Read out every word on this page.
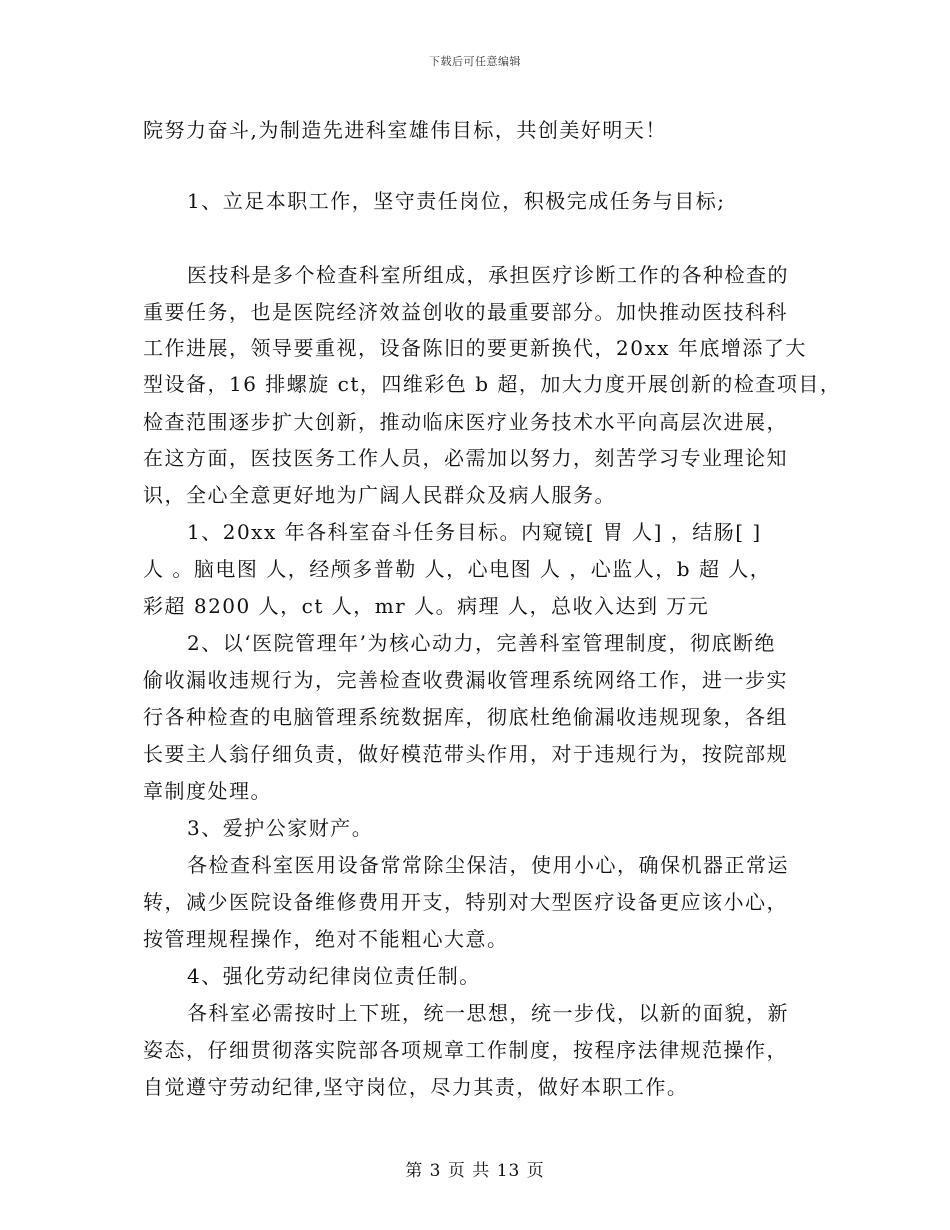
下载后可任意编辑
院努力奋斗,为制造先进科室雄伟目标，共创美好明天！
1、立足本职工作，坚守责任岗位，积极完成任务与目标;
医技科是多个检查科室所组成，承担医疗诊断工作的各种检查的
重要任务，也是医院经济效益创收的最重要部分。加快推动医技科科
工作进展，领导要重视，设备陈旧的要更新换代，20xx 年底增添了大
型设备，16 排螺旋 ct，四维彩色 b 超，加大力度开展创新的检查项目，
检查范围逐步扩大创新，推动临床医疗业务技术水平向高层次进展，
在这方面，医技医务工作人员，必需加以努力，刻苦学习专业理论知
识，全心全意更好地为广阔人民群众及病人服务。
1、20xx 年各科室奋斗任务目标。内窥镜[ 胃 人] ，结肠[ ]
人 。脑电图 人，经颅多普勒 人，心电图 人 ，心监人，b 超 人，
彩超 8200 人，ct 人，mr 人。病理 人，总收入达到 万元
2、以‘医院管理年’为核心动力，完善科室管理制度，彻底断绝
偷收漏收违规行为，完善检查收费漏收管理系统网络工作，进一步实
行各种检查的电脑管理系统数据库，彻底杜绝偷漏收违规现象，各组
长要主人翁仔细负责，做好模范带头作用，对于违规行为，按院部规
章制度处理。
3、爱护公家财产。
各检查科室医用设备常常除尘保洁，使用小心，确保机器正常运
转，减少医院设备维修费用开支，特别对大型医疗设备更应该小心，
按管理规程操作，绝对不能粗心大意。
4、强化劳动纪律岗位责任制。
各科室必需按时上下班，统一思想，统一步伐，以新的面貌，新
姿态，仔细贯彻落实院部各项规章工作制度，按程序法律规范操作，
自觉遵守劳动纪律,坚守岗位，尽力其责，做好本职工作。
第 3 页 共 13 页
